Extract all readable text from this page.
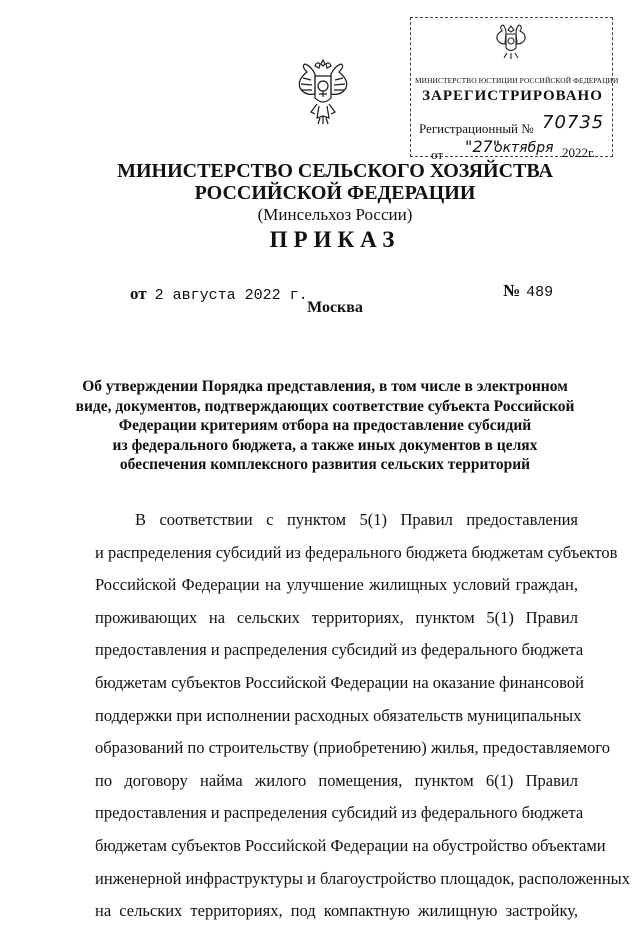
МИНИСТЕРСТВО ЮСТИЦИИ РОССИЙСКОЙ ФЕДЕРАЦИИ
ЗАРЕГИСТРИРОВАНО
Регистрационный № 70735
от "27"
октября 2022г.
МИНИСТЕРСТВО СЕЛЬСКОГО ХОЗЯЙСТВА
РОССИЙСКОЙ ФЕДЕРАЦИИ
(Минсельхоз России)
ПРИКАЗ
от 2 августа 2022 г.	№ 489
Москва
Об утверждении Порядка представления, в том числе в электронном
виде, документов, подтверждающих соответствие субъекта Российской
Федерации критериям отбора на предоставление субсидий
из федерального бюджета, а также иных документов в целях
обеспечения комплексного развития сельских территорий
В соответствии с пунктом 5(1) Правил предоставления
и распределения субсидий из федерального бюджета бюджетам субъектов
Российской Федерации на улучшение жилищных условий граждан,
проживающих на сельских территориях, пунктом 5(1) Правил
предоставления и распределения субсидий из федерального бюджета
бюджетам субъектов Российской Федерации на оказание финансовой
поддержки при исполнении расходных обязательств муниципальных
образований по строительству (приобретению) жилья, предоставляемого
по договору найма жилого помещения, пунктом 6(1) Правил
предоставления и распределения субсидий из федерального бюджета
бюджетам субъектов Российской Федерации на обустройство объектами
инженерной инфраструктуры и благоустройство площадок, расположенных
на сельских территориях, под компактную жилищную застройку,
